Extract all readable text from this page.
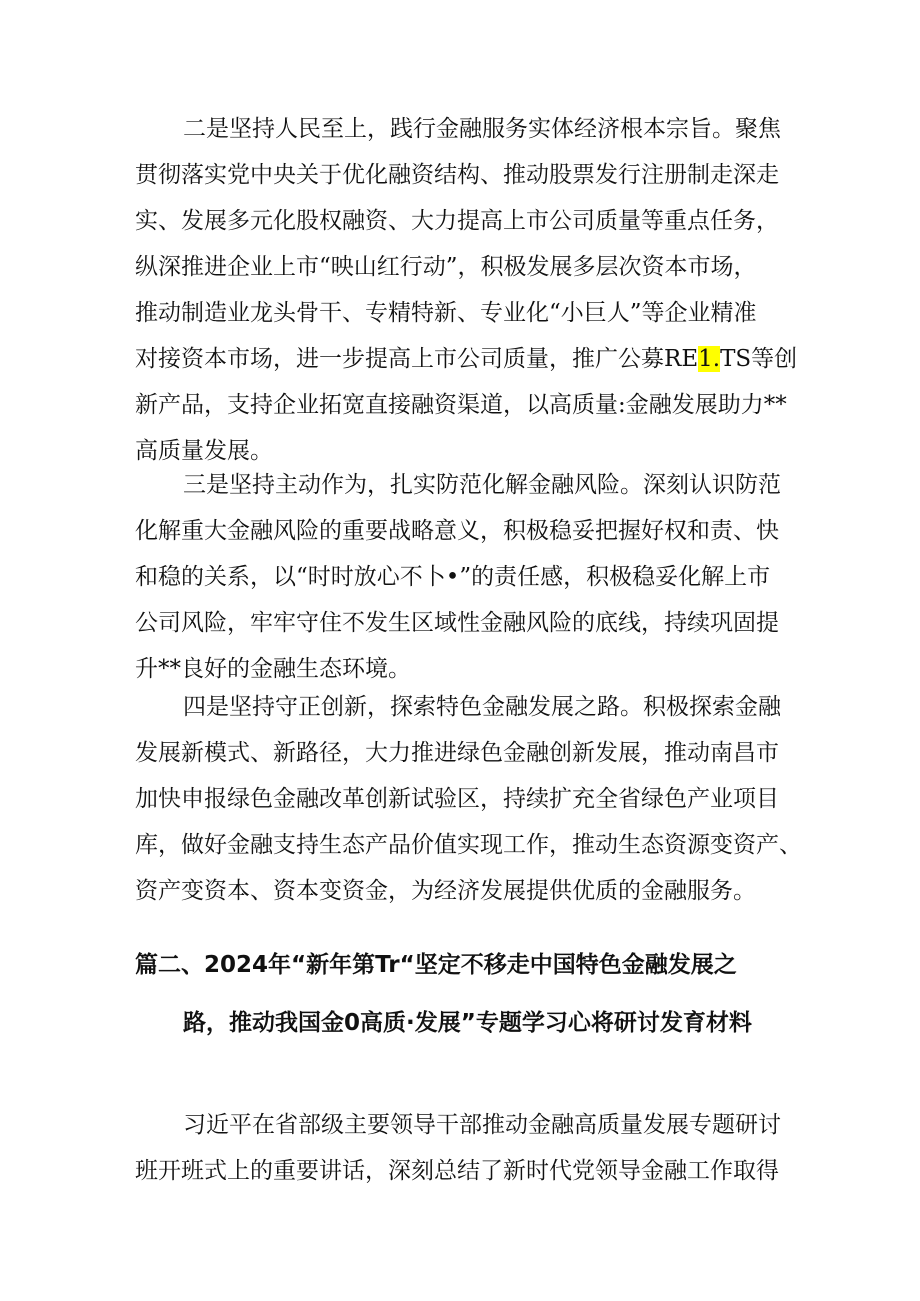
二是坚持人民至上，践行金融服务实体经济根本宗旨。聚焦
贯彻落实党中央关于优化融资结构、推动股票发行注册制走深走
实、发展多元化股权融资、大力提高上市公司质量等重点任务，
纵深推进企业上市“映山红行动”，积极发展多层次资本市场，
推动制造业龙头骨干、专精特新、专业化“小巨人”等企业精准
对接资本市场，进一步提高上市公司质量，推广公募RE1.TS等创
新产品，支持企业拓宽直接融资渠道，以高质量:金融发展助力**
高质量发展。
三是坚持主动作为，扎实防范化解金融风险。深刻认识防范
化解重大金融风险的重要战略意义，积极稳妥把握好权和责、快
和稳的关系，以“时时放心不卜•”的责任感，积极稳妥化解上市
公司风险，牢牢守住不发生区域性金融风险的底线，持续巩固提
升**良好的金融生态环境。
四是坚持守正创新，探索特色金融发展之路。积极探索金融
发展新模式、新路径，大力推进绿色金融创新发展，推动南昌市
加快申报绿色金融改革创新试验区，持续扩充全省绿色产业项目
库，做好金融支持生态产品价值实现工作，推动生态资源变资产、
资产变资本、资本变资金，为经济发展提供优质的金融服务。
篇二、2024年“新年第Tr“坚定不移走中国特色金融发展之
路，推动我国金0高质·发展”专题学习心将研讨发育材料
习近平在省部级主要领导干部推动金融高质量发展专题研讨
班开班式上的重要讲话，深刻总结了新时代党领导金融工作取得
